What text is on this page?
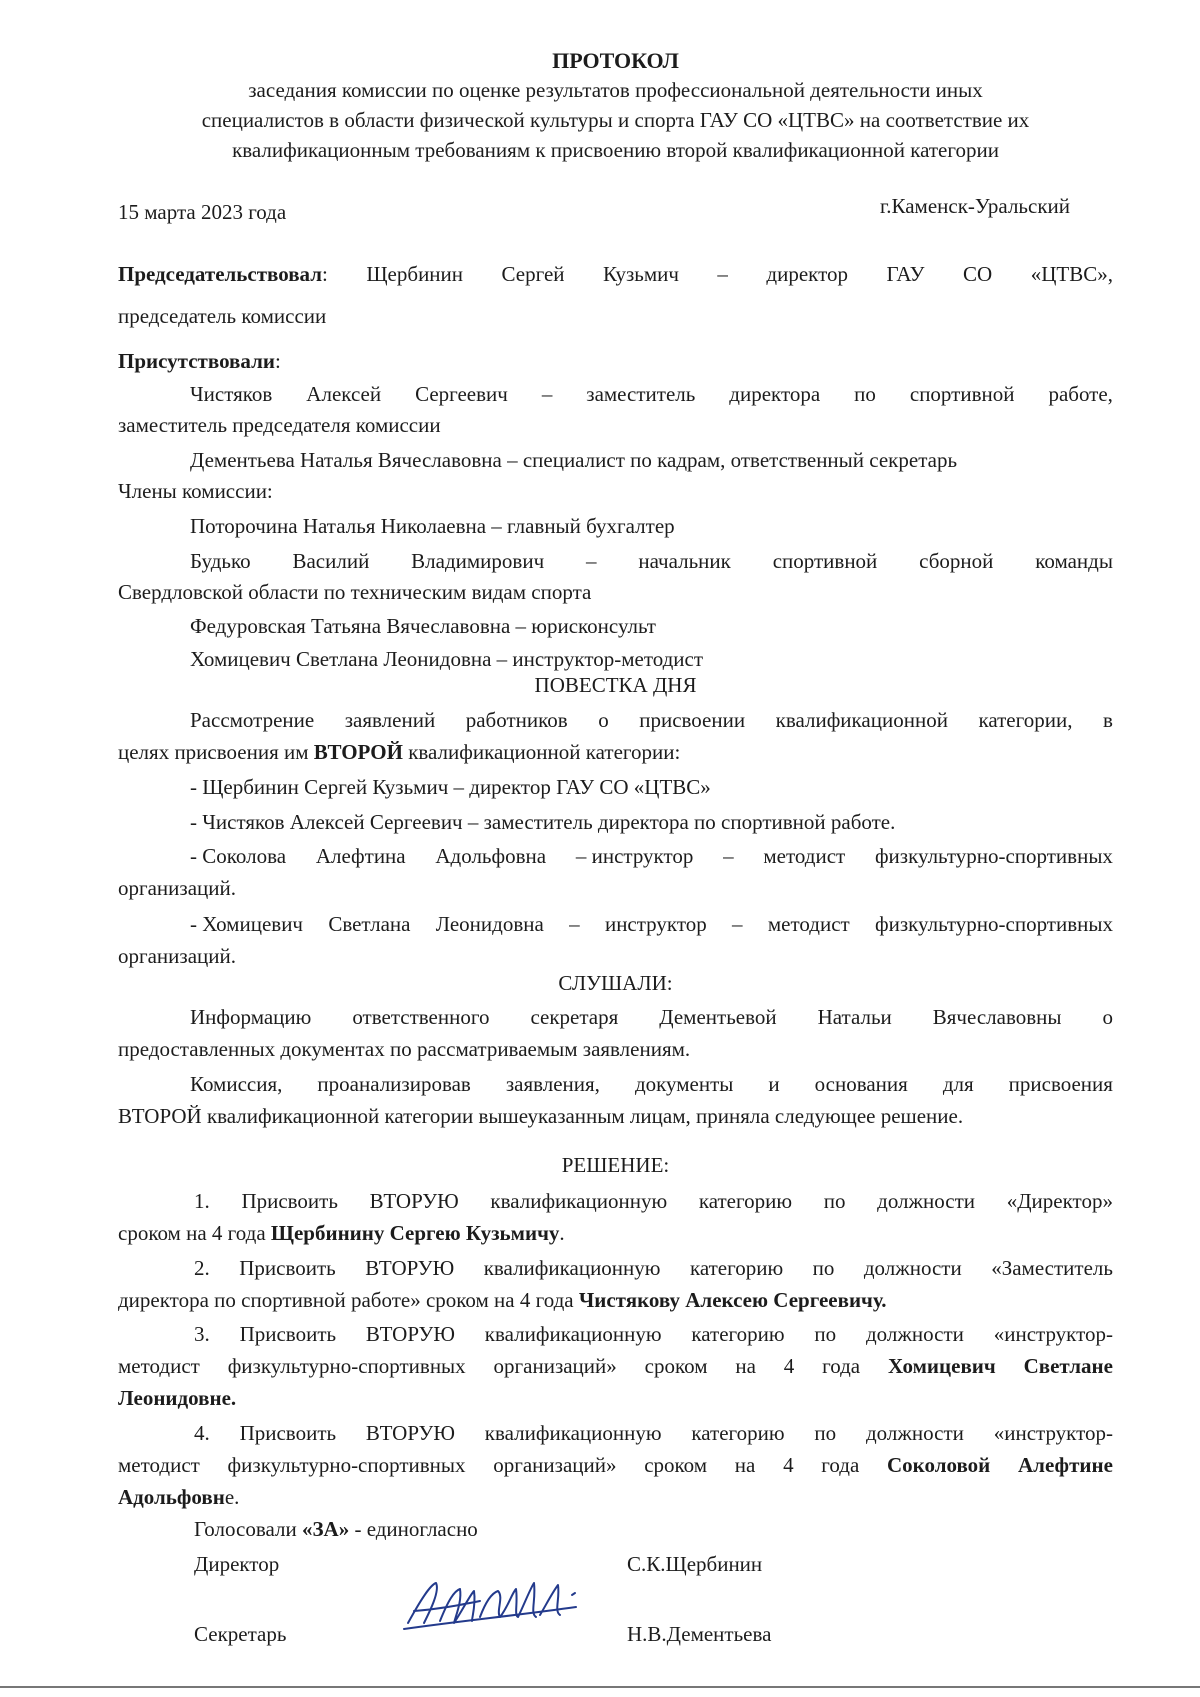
ПРОТОКОЛ
заседания комиссии по оценке результатов профессиональной деятельности иных
специалистов в области физической культуры и спорта ГАУ СО «ЦТВС» на соответствие их
квалификационным требованиям к присвоению второй квалификационной категории
15 марта 2023 года	г.Каменск-Уральский
Председательствовал: Щербинин Сергей Кузьмич – директор ГАУ СО «ЦТВС»,
председатель комиссии
Присутствовали:
Чистяков Алексей Сергеевич – заместитель директора по спортивной работе,
заместитель председателя комиссии
Дементьева Наталья Вячеславовна – специалист по кадрам, ответственный секретарь
Члены комиссии:
Поторочина Наталья Николаевна – главный бухгалтер
Будько Василий Владимирович – начальник спортивной сборной команды
Свердловской области по техническим видам спорта
Федуровская Татьяна Вячеславовна – юрисконсульт
Хомицевич Светлана Леонидовна – инструктор-методист
ПОВЕСТКА ДНЯ
Рассмотрение заявлений работников о присвоении квалификационной категории, в
целях присвоения им ВТОРОЙ квалификационной категории:
- Щербинин Сергей Кузьмич – директор ГАУ СО «ЦТВС»
- Чистяков Алексей Сергеевич – заместитель директора по спортивной работе.
- Соколова Алефтина Адольфовна – инструктор – методист физкультурно-спортивных
организаций.
- Хомицевич Светлана Леонидовна – инструктор – методист физкультурно-спортивных
организаций.
СЛУШАЛИ:
Информацию ответственного секретаря Дементьевой Натальи Вячеславовны о
предоставленных документах по рассматриваемым заявлениям.
Комиссия, проанализировав заявления, документы и основания для присвоения
ВТОРОЙ квалификационной категории вышеуказанным лицам, приняла следующее решение.
РЕШЕНИЕ:
1. Присвоить ВТОРУЮ квалификационную категорию по должности «Директор»
сроком на 4 года Щербинину Сергею Кузьмичу.
2. Присвоить ВТОРУЮ квалификационную категорию по должности «Заместитель
директора по спортивной работе» сроком на 4 года Чистякову Алексею Сергеевичу.
3. Присвоить ВТОРУЮ квалификационную категорию по должности «инструктор-
методист физкультурно-спортивных организаций» сроком на 4 года Хомицевич Светлане
Леонидовне.
4. Присвоить ВТОРУЮ квалификационную категорию по должности «инструктор-
методист физкультурно-спортивных организаций» сроком на 4 года Соколовой Алефтине
Адольфовне.
Голосовали «ЗА» - единогласно
Директор	С.К.Щербинин
Секретарь	Н.В.Дементьева
